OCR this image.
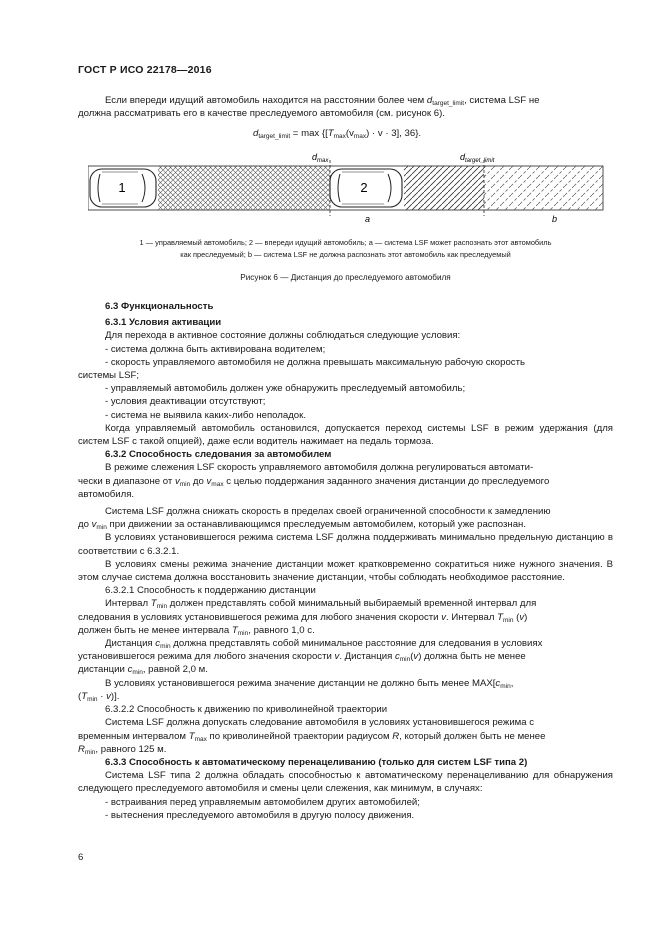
ГОСТ Р ИСО 22178—2016

Если впереди идущий автомобиль находится на расстоянии более чем $d_{target\_limit}$, система LSF не

должна рассматривать его в качестве преследуемого автомобиля (см. рисунок 6).

$d_{target\_limit} = \max \{[T_{max}(v_{max}) \cdot v \cdot 3]$, 36}.
1	2
$d_{max}$	$d_{target\_limit}$
a	b
1 — управляемый автомобиль; 2 — впереди идущий автомобиль; a — система LSF может распознать этот автомобиль
как преследуемый; b — система LSF не должна распознать этот автомобиль как преследуемый
Рисунок 6 — Дистанция до преследуемого автомобиля

6.3 Функциональность

6.3.1 Условия активации

Для перехода в активное состояние должны соблюдаться следующие условия:

- система должна быть активирована водителем;

- скорость управляемого автомобиля не должна превышать максимальную рабочую скорость

системы LSF;

- управляемый автомобиль должен уже обнаружить преследуемый автомобиль;

- условия деактивации отсутствуют;

- система не выявила каких-либо неполадок.

Когда управляемый автомобиль остановился, допускается переход системы LSF в режим удержания (для систем LSF с такой опцией), даже если водитель нажимает на педаль тормоза.

6.3.2 Способность следования за автомобилем

В режиме слежения LSF скорость управляемого автомобиля должна регулироваться автомати-

чески в диапазоне от $v_{min}$ до $v_{max}$ с целью поддержания заданного значения дистанции до преследуемого

автомобиля.

Система LSF должна снижать скорость в пределах своей ограниченной способности к замедлению

до $v_{min}$ при движении за останавливающимся преследуемым автомобилем, который уже распознан.

В условиях установившегося режима система LSF должна поддерживать минимально предельную дистанцию в соответствии с 6.3.2.1.

В условиях смены режима значение дистанции может кратковременно сократиться ниже нужного значения. В этом случае система должна восстановить значение дистанции, чтобы соблюдать необходимое расстояние.

6.3.2.1 Способность к поддержанию дистанции

Интервал $T_{min}$ должен представлять собой минимальный выбираемый временной интервал для

следования в условиях установившегося режима для любого значения скорости v. Интервал $T_{min}$ (v)

должен быть не менее интервала $T_{min}$, равного 1,0 с.

Дистанция $c_{min}$ должна представлять собой минимальное расстояние для следования в условиях

установившегося режима для любого значения скорости v. Дистанция $c_{min}(v)$ должна быть не менее

дистанции $c_{min}$, равной 2,0 м.

В условиях установившегося режима значение дистанции не должно быть менее $MAX[c_{min}$,

$(T_{min} \cdot v)$].

6.3.2.2 Способность к движению по криволинейной траектории

Система LSF должна допускать следование автомобиля в условиях установившегося режима с

временным интервалом $T_{max}$ по криволинейной траектории радиусом R, который должен быть не менее

$R_{min}$, равного 125 м.

6.3.3 Способность к автоматическому перенацеливанию (только для систем LSF типа 2)

Система LSF типа 2 должна обладать способностью к автоматическому перенацеливанию для обнаружения следующего преследуемого автомобиля и смены цели слежения, как минимум, в случаях:

- встраивания перед управляемым автомобилем других автомобилей;

- вытеснения преследуемого автомобиля в другую полосу движения.

6
